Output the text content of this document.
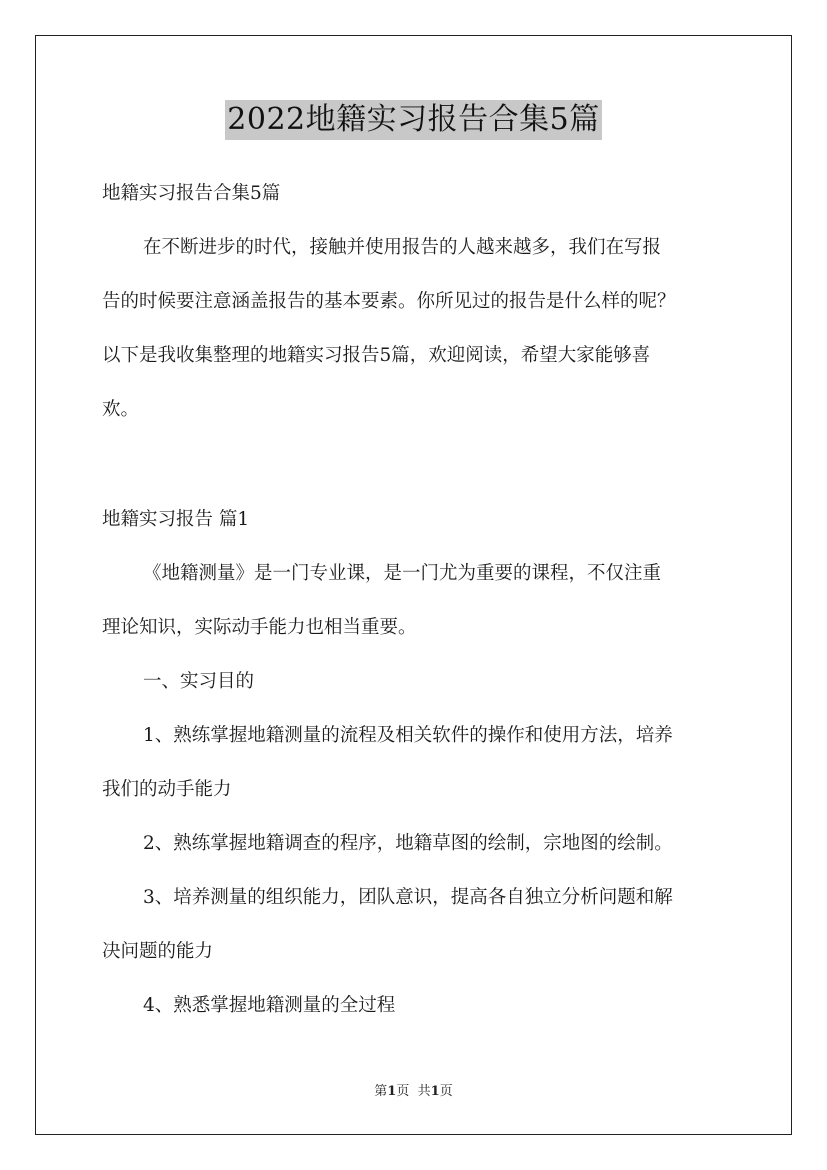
2022地籍实习报告合集5篇
地籍实习报告合集5篇
在不断进步的时代，接触并使用报告的人越来越多，我们在写报
告的时候要注意涵盖报告的基本要素。你所见过的报告是什么样的呢？
以下是我收集整理的地籍实习报告5篇，欢迎阅读，希望大家能够喜
欢。
地籍实习报告 篇1
《地籍测量》是一门专业课，是一门尤为重要的课程，不仅注重
理论知识，实际动手能力也相当重要。
一、实习目的
1、熟练掌握地籍测量的流程及相关软件的操作和使用方法，培养
我们的动手能力
2、熟练掌握地籍调查的程序，地籍草图的绘制，宗地图的绘制。
3、培养测量的组织能力，团队意识，提高各自独立分析问题和解
决问题的能力
4、熟悉掌握地籍测量的全过程
第1页 共1页
